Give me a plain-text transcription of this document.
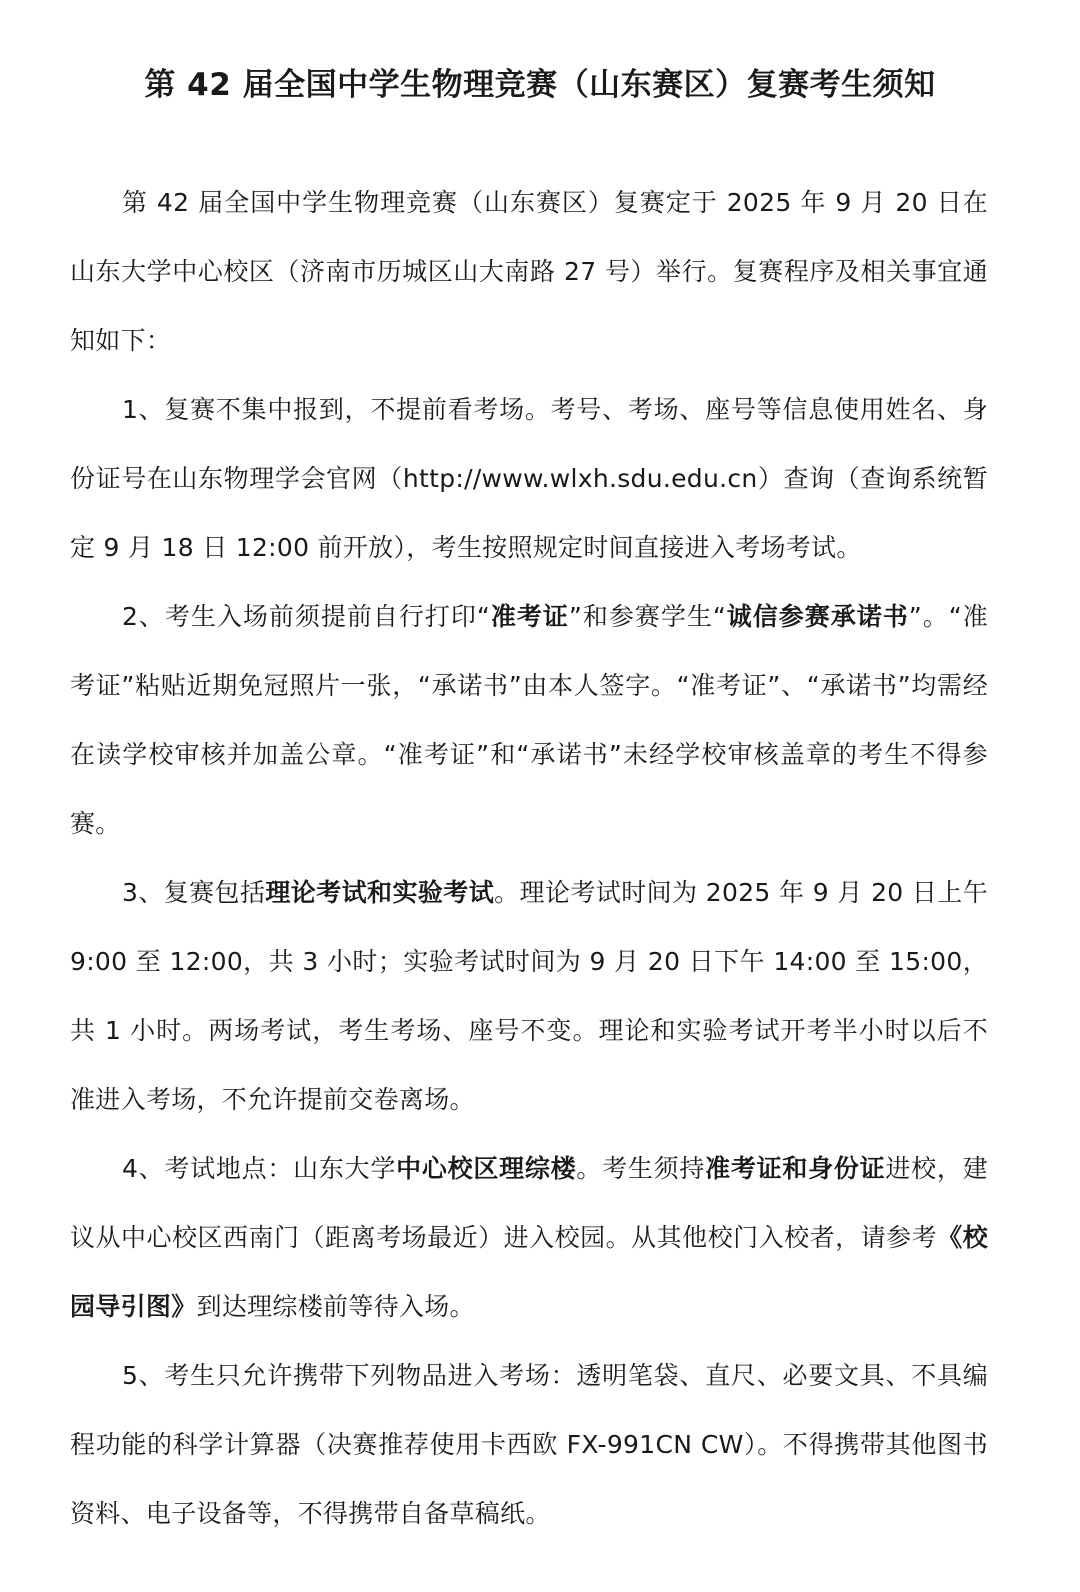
第 42 届全国中学生物理竞赛（山东赛区）复赛考生须知

第 42 届全国中学生物理竞赛（山东赛区）复赛定于 2025 年 9 月 20 日在山东大学中心校区（济南市历城区山大南路 27 号）举行。复赛程序及相关事宜通知如下：

1、复赛不集中报到，不提前看考场。考号、考场、座号等信息使用姓名、身份证号在山东物理学会官网（http://www.wlxh.sdu.edu.cn）查询（查询系统暂定 9 月 18 日 12:00 前开放），考生按照规定时间直接进入考场考试。

2、考生入场前须提前自行打印“准考证”和参赛学生“诚信参赛承诺书”。“准考证”粘贴近期免冠照片一张，“承诺书”由本人签字。“准考证”、“承诺书”均需经在读学校审核并加盖公章。“准考证”和“承诺书”未经学校审核盖章的考生不得参赛。

3、复赛包括理论考试和实验考试。理论考试时间为 2025 年 9 月 20 日上午 9:00 至 12:00，共 3 小时；实验考试时间为 9 月 20 日下午 14:00 至 15:00，共 1 小时。两场考试，考生考场、座号不变。理论和实验考试开考半小时以后不准进入考场，不允许提前交卷离场。

4、考试地点：山东大学中心校区理综楼。考生须持准考证和身份证进校，建议从中心校区西南门（距离考场最近）进入校园。从其他校门入校者，请参考《校园导引图》到达理综楼前等待入场。

5、考生只允许携带下列物品进入考场：透明笔袋、直尺、必要文具、不具编程功能的科学计算器（决赛推荐使用卡西欧 FX-991CN CW）。不得携带其他图书资料、电子设备等，不得携带自备草稿纸。
